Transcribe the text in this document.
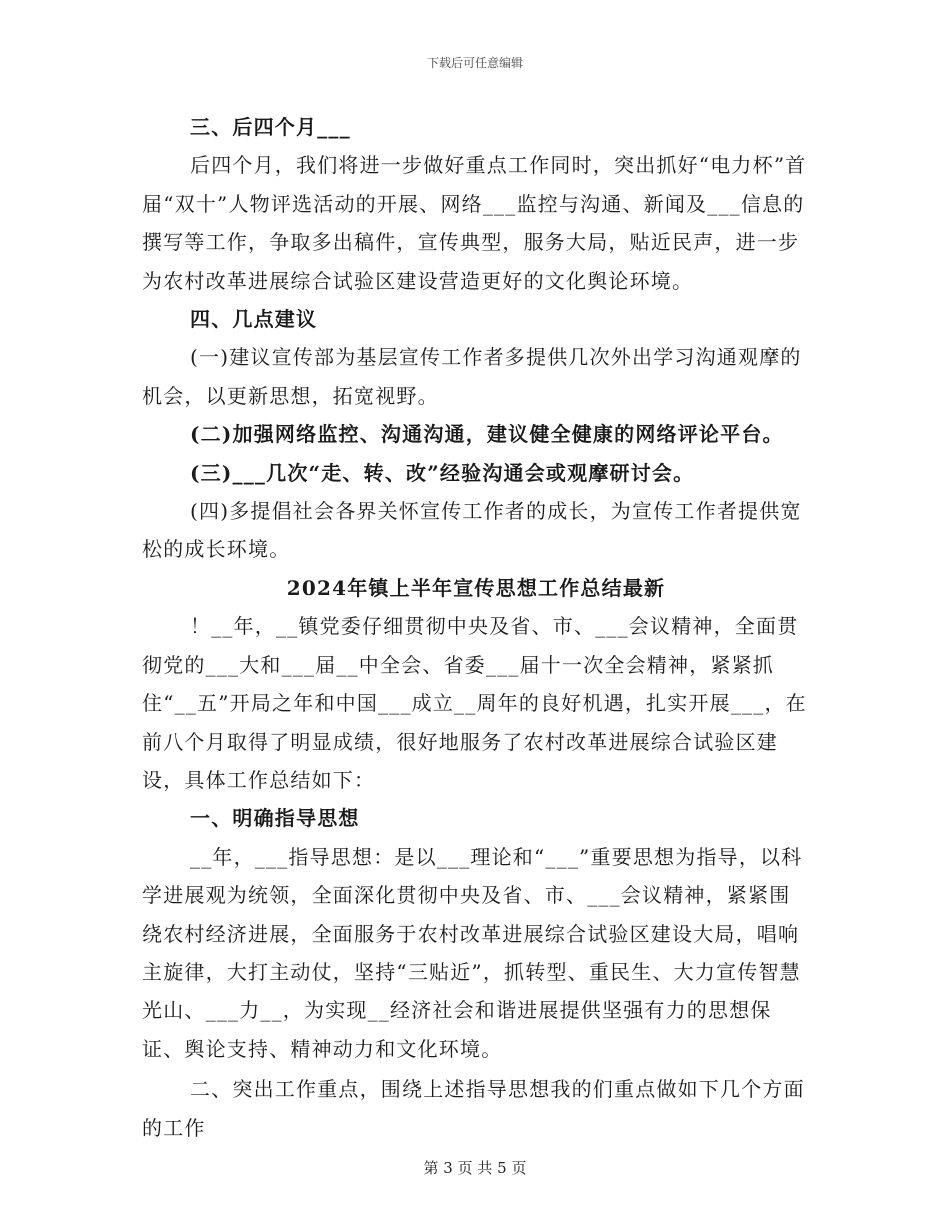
下载后可任意编辑

三、后四个月___

后四个月，我们将进一步做好重点工作同时，突出抓好“电力杯”首届“双十”人物评选活动的开展、网络___监控与沟通、新闻及___信息的撰写等工作，争取多出稿件，宣传典型，服务大局，贴近民声，进一步为农村改革进展综合试验区建设营造更好的文化舆论环境。

四、几点建议

(一)建议宣传部为基层宣传工作者多提供几次外出学习沟通观摩的机会，以更新思想，拓宽视野。

(二)加强网络监控、沟通沟通，建议健全健康的网络评论平台。

(三)___几次“走、转、改”经验沟通会或观摩研讨会。

(四)多提倡社会各界关怀宣传工作者的成长，为宣传工作者提供宽松的成长环境。

2024年镇上半年宣传思想工作总结最新

！__年，__镇党委仔细贯彻中央及省、市、___会议精神，全面贯彻党的___大和___届__中全会、省委___届十一次全会精神，紧紧抓住“__五”开局之年和中国___成立__周年的良好机遇，扎实开展___，在前八个月取得了明显成绩，很好地服务了农村改革进展综合试验区建设，具体工作总结如下：

一、明确指导思想

__年，___指导思想：是以___理论和“___”重要思想为指导，以科学进展观为统领，全面深化贯彻中央及省、市、___会议精神，紧紧围绕农村经济进展，全面服务于农村改革进展综合试验区建设大局，唱响主旋律，大打主动仗，坚持“三贴近”，抓转型、重民生、大力宣传智慧光山、___力__，为实现__经济社会和谐进展提供坚强有力的思想保证、舆论支持、精神动力和文化环境。

二、突出工作重点，围绕上述指导思想我的们重点做如下几个方面的工作

第 3 页 共 5 页
